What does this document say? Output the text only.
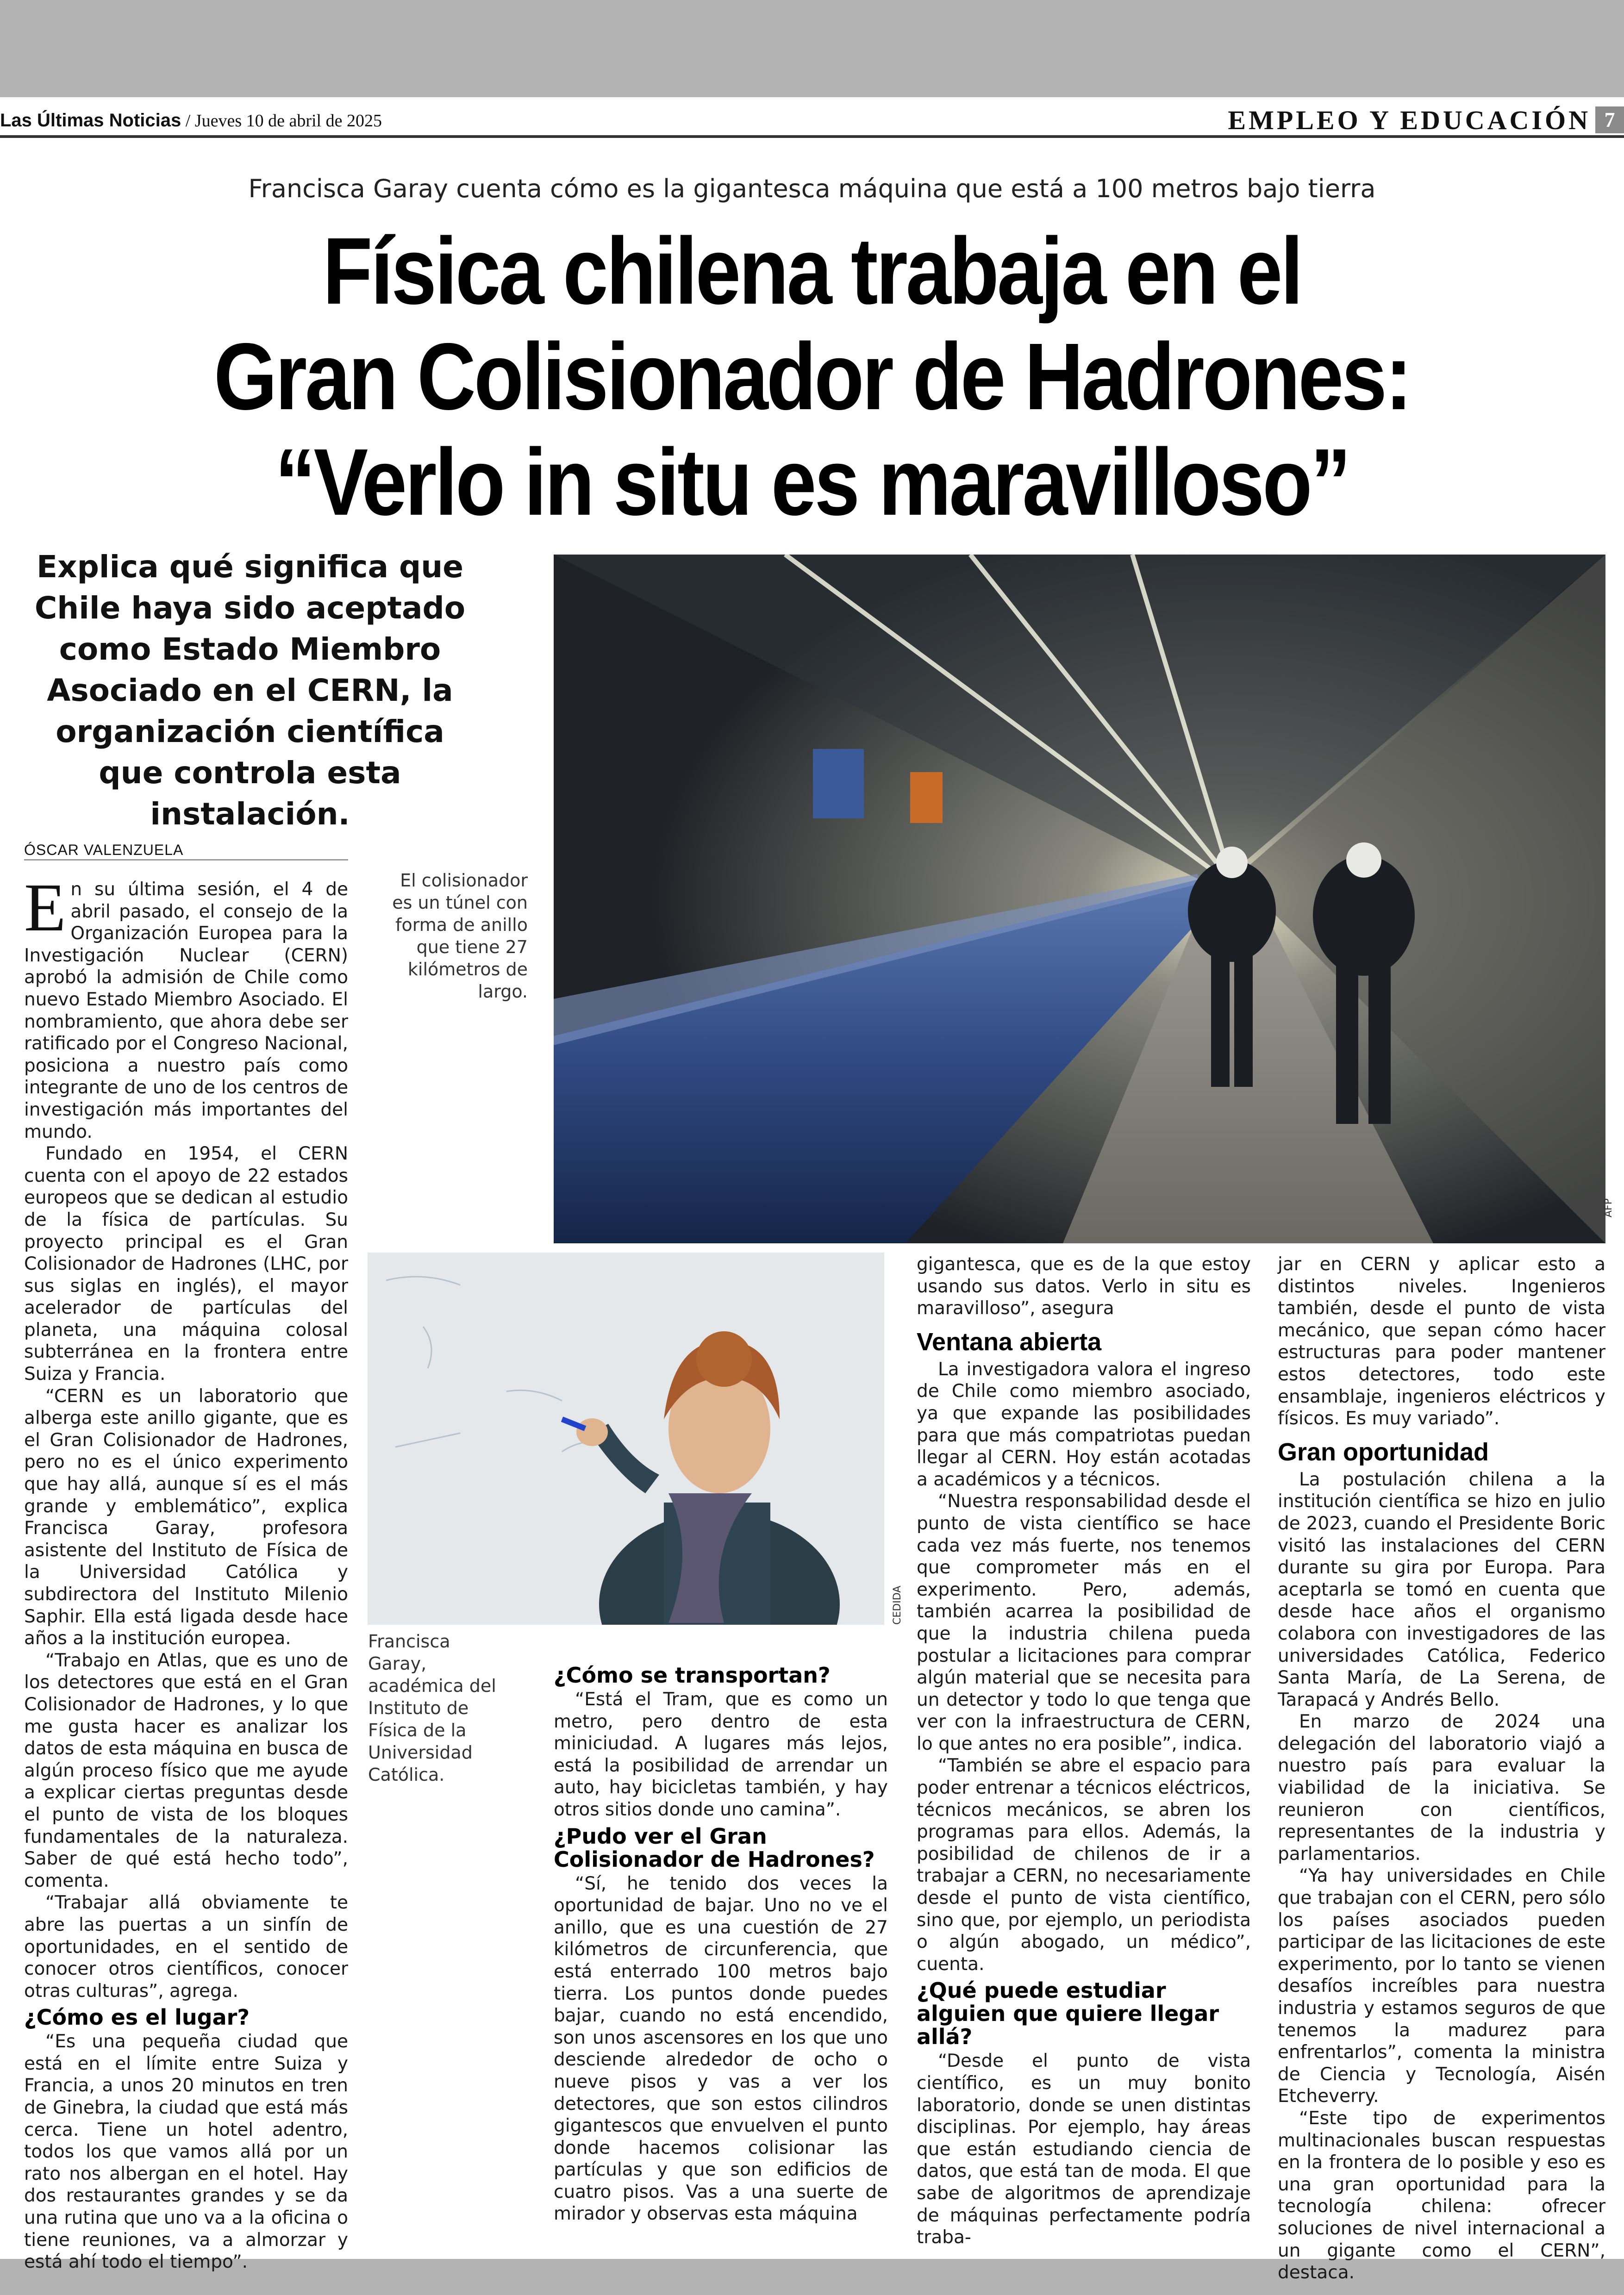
Las Últimas Noticias / Jueves 10 de abril de 2025	EMPLEO Y EDUCACIÓN 7
Francisca Garay cuenta cómo es la gigantesca máquina que está a 100 metros bajo tierra
Física chilena trabaja en el
Gran Colisionador de Hadrones:
“Verlo in situ es maravilloso”
Explica qué significa que Chile haya sido aceptado como Estado Miembro Asociado en el CERN, la organización científica que controla esta instalación.
AFP
El colisionador es un túnel con forma de anillo que tiene 27 kilómetros de largo.
CEDIDA
Francisca Garay, académica del Instituto de Física de la Universidad Católica.
ÓSCAR VALENZUELA

En su última sesión, el 4 de abril pasado, el consejo de la Organización Europea para la Investigación Nuclear (CERN) aprobó la admisión de Chile como nuevo Estado Miembro Asociado. El nombramiento, que ahora debe ser ratificado por el Congreso Nacional, posiciona a nuestro país como integrante de uno de los centros de investigación más importantes del mundo.

Fundado en 1954, el CERN cuenta con el apoyo de 22 estados europeos que se dedican al estudio de la física de partículas. Su proyecto principal es el Gran Colisionador de Hadrones (LHC, por sus siglas en inglés), el mayor acelerador de partículas del planeta, una máquina colosal subterránea en la frontera entre Suiza y Francia.

“CERN es un laboratorio que alberga este anillo gigante, que es el Gran Colisionador de Hadrones, pero no es el único experimento que hay allá, aunque sí es el más grande y emblemático”, explica Francisca Garay, profesora asistente del Instituto de Física de la Universidad Católica y subdirectora del Instituto Milenio Saphir. Ella está ligada desde hace años a la institución europea.

“Trabajo en Atlas, que es uno de los detectores que está en el Gran Colisionador de Hadrones, y lo que me gusta hacer es analizar los datos de esta máquina en busca de algún proceso físico que me ayude a explicar ciertas preguntas desde el punto de vista de los bloques fundamentales de la naturaleza. Saber de qué está hecho todo”, comenta.

“Trabajar allá obviamente te abre las puertas a un sinfín de oportunidades, en el sentido de conocer otros científicos, conocer otras culturas”, agrega.

¿Cómo es el lugar?

“Es una pequeña ciudad que está en el límite entre Suiza y Francia, a unos 20 minutos en tren de Ginebra, la ciudad que está más cerca. Tiene un hotel adentro, todos los que vamos allá por un rato nos albergan en el hotel. Hay dos restaurantes grandes y se da una rutina que uno va a la oficina o tiene reuniones, va a almorzar y está ahí todo el tiempo”.

¿Cómo se transportan?

“Está el Tram, que es como un metro, pero dentro de esta miniciudad. A lugares más lejos, está la posibilidad de arrendar un auto, hay bicicletas también, y hay otros sitios donde uno camina”.

¿Pudo ver el Gran Colisionador de Hadrones?

“Sí, he tenido dos veces la oportunidad de bajar. Uno no ve el anillo, que es una cuestión de 27 kilómetros de circunferencia, que está enterrado 100 metros bajo tierra. Los puntos donde puedes bajar, cuando no está encendido, son unos ascensores en los que uno desciende alrededor de ocho o nueve pisos y vas a ver los detectores, que son estos cilindros gigantescos que envuelven el punto donde hacemos colisionar las partículas y que son edificios de cuatro pisos. Vas a una suerte de mirador y observas esta máquina

gigantesca, que es de la que estoy usando sus datos. Verlo in situ es maravilloso”, asegura

Ventana abierta

La investigadora valora el ingreso de Chile como miembro asociado, ya que expande las posibilidades para que más compatriotas puedan llegar al CERN. Hoy están acotadas a académicos y a técnicos.

“Nuestra responsabilidad desde el punto de vista científico se hace cada vez más fuerte, nos tenemos que comprometer más en el experimento. Pero, además, también acarrea la posibilidad de que la industria chilena pueda postular a licitaciones para comprar algún material que se necesita para un detector y todo lo que tenga que ver con la infraestructura de CERN, lo que antes no era posible”, indica.

“También se abre el espacio para poder entrenar a técnicos eléctricos, técnicos mecánicos, se abren los programas para ellos. Además, la posibilidad de chilenos de ir a trabajar a CERN, no necesariamente desde el punto de vista científico, sino que, por ejemplo, un periodista o algún abogado, un médico”, cuenta.

¿Qué puede estudiar alguien que quiere llegar allá?

“Desde el punto de vista científico, es un muy bonito laboratorio, donde se unen distintas disciplinas. Por ejemplo, hay áreas que están estudiando ciencia de datos, que está tan de moda. El que sabe de algoritmos de aprendizaje de máquinas perfectamente podría traba-

jar en CERN y aplicar esto a distintos niveles. Ingenieros también, desde el punto de vista mecánico, que sepan cómo hacer estructuras para poder mantener estos detectores, todo este ensamblaje, ingenieros eléctricos y físicos. Es muy variado”.

Gran oportunidad

La postulación chilena a la institución científica se hizo en julio de 2023, cuando el Presidente Boric visitó las instalaciones del CERN durante su gira por Europa. Para aceptarla se tomó en cuenta que desde hace años el organismo colabora con investigadores de las universidades Católica, Federico Santa María, de La Serena, de Tarapacá y Andrés Bello.

En marzo de 2024 una delegación del laboratorio viajó a nuestro país para evaluar la viabilidad de la iniciativa. Se reunieron con científicos, representantes de la industria y parlamentarios.

“Ya hay universidades en Chile que trabajan con el CERN, pero sólo los países asociados pueden participar de las licitaciones de este experimento, por lo tanto se vienen desafíos increíbles para nuestra industria y estamos seguros de que tenemos la madurez para enfrentarlos”, comenta la ministra de Ciencia y Tecnología, Aisén Etcheverry.

“Este tipo de experimentos multinacionales buscan respuestas en la frontera de lo posible y eso es una gran oportunidad para la tecnología chilena: ofrecer soluciones de nivel internacional a un gigante como el CERN”, destaca.
